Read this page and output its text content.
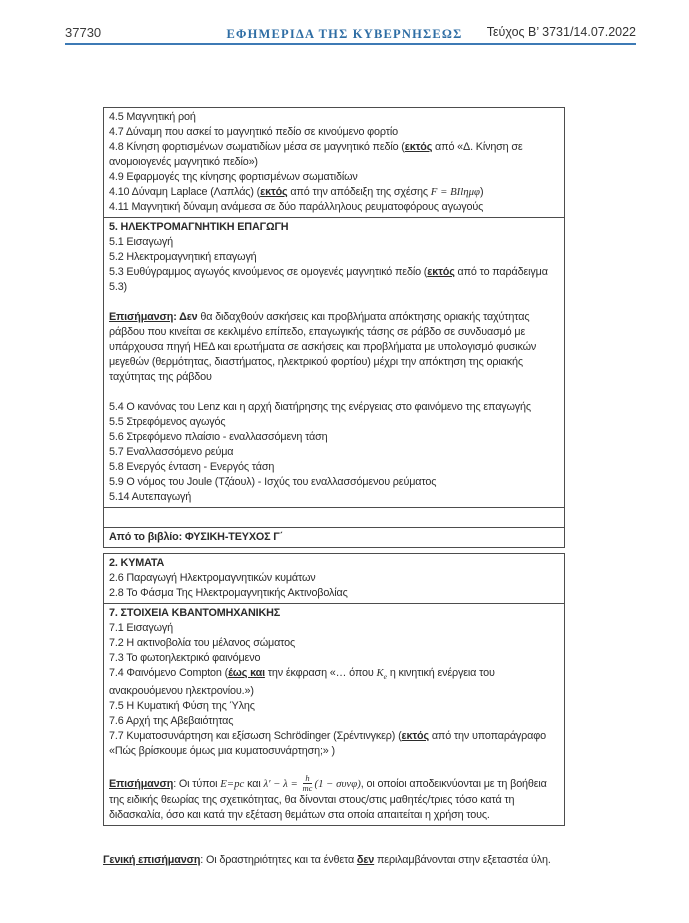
37730	ΕΦΗΜΕΡΙΔΑ ΤΗΣ ΚΥΒΕΡΝΗΣΕΩΣ	Τεύχος Β’ 3731/14.07.2022

4.5 Μαγνητική ροή

4.7 Δύναμη που ασκεί το μαγνητικό πεδίο σε κινούμενο φορτίο

4.8 Κίνηση φορτισμένων σωματιδίων μέσα σε μαγνητικό πεδίο (εκτός από «Δ. Κίνηση σε ανομοιογενές μαγνητικό πεδίο»)

4.9 Εφαρμογές της κίνησης φορτισμένων σωματιδίων

4.10 Δύναμη Laplace (Λαπλάς) (εκτός από την απόδειξη της σχέσης F = BIlημφ)

4.11 Μαγνητική δύναμη ανάμεσα σε δύο παράλληλους ρευματοφόρους αγωγούς

5. ΗΛΕΚΤΡΟΜΑΓΝΗΤΙΚΗ ΕΠΑΓΩΓΗ

5.1 Εισαγωγή

5.2 Ηλεκτρομαγνητική επαγωγή

5.3 Ευθύγραμμος αγωγός κινούμενος σε ομογενές μαγνητικό πεδίο (εκτός από το παράδειγμα 5.3)

Επισήμανση: Δεν θα διδαχθούν ασκήσεις και προβλήματα απόκτησης οριακής ταχύτητας ράβδου που κινείται σε κεκλιμένο επίπεδο, επαγωγικής τάσης σε ράβδο σε συνδυασμό με υπάρχουσα πηγή ΗΕΔ και ερωτήματα σε ασκήσεις και προβλήματα με υπολογισμό φυσικών μεγεθών (θερμότητας, διαστήματος, ηλεκτρικού φορτίου) μέχρι την απόκτηση της οριακής ταχύτητας της ράβδου

5.4 Ο κανόνας του Lenz και η αρχή διατήρησης της ενέργειας στο φαινόμενο της επαγωγής

5.5 Στρεφόμενος αγωγός

5.6 Στρεφόμενο πλαίσιο - εναλλασσόμενη τάση

5.7 Εναλλασσόμενο ρεύμα

5.8 Ενεργός ένταση - Ενεργός τάση

5.9 Ο νόμος του Joule (Τζάουλ) - Ισχύς του εναλλασσόμενου ρεύματος

5.14 Αυτεπαγωγή

Από το βιβλίο: ΦΥΣΙΚΗ-ΤΕΥΧΟΣ Γ΄

2. ΚΥΜΑΤΑ

2.6 Παραγωγή Ηλεκτρομαγνητικών κυμάτων

2.8 Το Φάσμα Της Ηλεκτρομαγνητικής Ακτινοβολίας

7. ΣΤΟΙΧΕΙΑ ΚΒΑΝΤΟΜΗΧΑΝΙΚΗΣ

7.1 Εισαγωγή

7.2 Η ακτινοβολία του μέλανος σώματος

7.3 Το φωτοηλεκτρικό φαινόμενο

7.4 Φαινόμενο Compton (έως και την έκφραση «… όπου $K_e$ η κινητική ενέργεια του ανακρουόμενου ηλεκτρονίου.»)

7.5 Η Κυματική Φύση της Ύλης

7.6 Αρχή της Αβεβαιότητας

7.7 Κυματοσυνάρτηση και εξίσωση Schrödinger (Σρέντινγκερ) (εκτός από την υποπαράγραφο «Πώς βρίσκουμε όμως μια κυματοσυνάρτηση;» )

Επισήμανση: Οι τύποι E=pc και $\lambda' - \lambda = \frac{h}{mc} (1 - \sigma\upsilon\nu\varphi)$, οι οποίοι αποδεικνύονται με τη βοήθεια της ειδικής θεωρίας της σχετικότητας, θα δίνονται στους/στις μαθητές/τριες τόσο κατά τη διδασκαλία, όσο και κατά την εξέταση θεμάτων στα οποία απαιτείται η χρήση τους.

Γενική επισήμανση: Οι δραστηριότητες και τα ένθετα δεν περιλαμβάνονται στην εξεταστέα ύλη.
